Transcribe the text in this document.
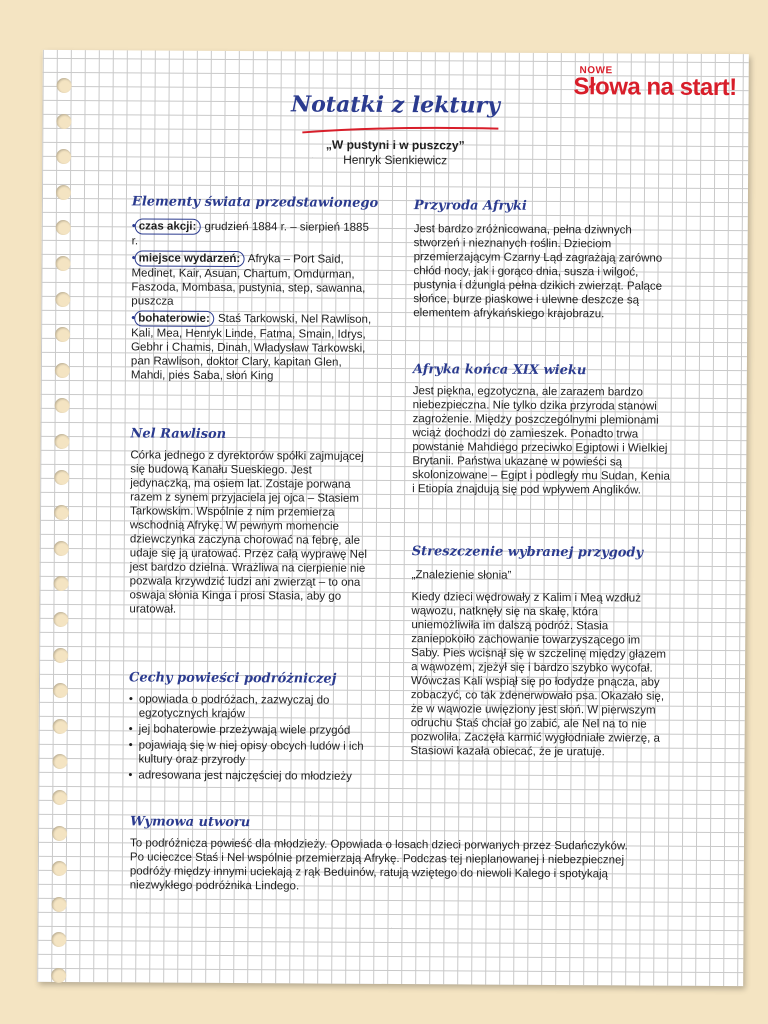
NOWE
Słowa na start!
Notatki z lektury
„W pustyni i w puszczy”
Henryk Sienkiewicz
Elementy świata przedstawionego

• czas akcji: grudzień 1884 r. – sierpień 1885 r.

• miejsce wydarzeń: Afryka – Port Said, Medinet, Kair, Asuan, Chartum, Omdurman, Faszoda, Mombasa, pustynia, step, sawanna, puszcza

• bohaterowie: Staś Tarkowski, Nel Rawlison, Kali, Mea, Henryk Linde, Fatma, Smain, Idrys, Gebhr i Chamis, Dinah, Władysław Tarkowski, pan Rawlison, doktor Clary, kapitan Glen, Mahdi, pies Saba, słoń King

Nel Rawlison
Córka jednego z dyrektorów spółki zajmującej się budową Kanału Sueskiego. Jest jedynaczką, ma osiem lat. Zostaje porwana razem z synem przyjaciela jej ojca – Stasiem Tarkowskim. Wspólnie z nim przemierza wschodnią Afrykę. W pewnym momencie dziewczynka zaczyna chorować na febrę, ale udaje się ją uratować. Przez całą wyprawę Nel jest bardzo dzielna. Wrażliwa na cierpienie nie pozwala krzywdzić ludzi ani zwierząt – to ona oswaja słonia Kinga i prosi Stasia, aby go uratował.
Cechy powieści podróżniczej
• opowiada o podróżach, zazwyczaj do egzotycznych krajów
• jej bohaterowie przeżywają wiele przygód
• pojawiają się w niej opisy obcych ludów i ich kultury oraz przyrody
• adresowana jest najczęściej do młodzieży
Przyroda Afryki
Jest bardzo zróżnicowana, pełna dziwnych stworzeń i nieznanych roślin. Dzieciom przemierzającym Czarny Ląd zagrażają zarówno chłód nocy, jak i gorąco dnia, susza i wilgoć, pustynia i dżungla pełna dzikich zwierząt. Palące słońce, burze piaskowe i ulewne deszcze są elementem afrykańskiego krajobrazu.
Afryka końca XIX wieku
Jest piękna, egzotyczna, ale zarazem bardzo niebezpieczna. Nie tylko dzika przyroda stanowi zagrożenie. Między poszczególnymi plemionami wciąż dochodzi do zamieszek. Ponadto trwa powstanie Mahdiego przeciwko Egiptowi i Wielkiej Brytanii. Państwa ukazane w powieści są skolonizowane – Egipt i podległy mu Sudan, Kenia i Etiopia znajdują się pod wpływem Anglików.
Streszczenie wybranej przygody
„Znalezienie słonia”
Kiedy dzieci wędrowały z Kalim i Meą wzdłuż wąwozu, natknęły się na skałę, która uniemożliwiła im dalszą podróż. Stasia zaniepokoiło zachowanie towarzyszącego im Saby. Pies wcisnął się w szczelinę między głazem a wąwozem, zjeżył się i bardzo szybko wycofał. Wówczas Kali wspiął się po łodydze pnącza, aby zobaczyć, co tak zdenerwowało psa. Okazało się, że w wąwozie uwięziony jest słoń. W pierwszym odruchu Staś chciał go zabić, ale Nel na to nie pozwoliła. Zaczęła karmić wygłodniałe zwierzę, a Stasiowi kazała obiecać, że je uratuje.
Wymowa utworu
To podróżnicza powieść dla młodzieży. Opowiada o losach dzieci porwanych przez Sudańczyków. Po ucieczce Staś i Nel wspólnie przemierzają Afrykę. Podczas tej nieplanowanej i niebezpiecznej podróży między innymi uciekają z rąk Beduinów, ratują wziętego do niewoli Kalego i spotykają niezwykłego podróżnika Lindego.
